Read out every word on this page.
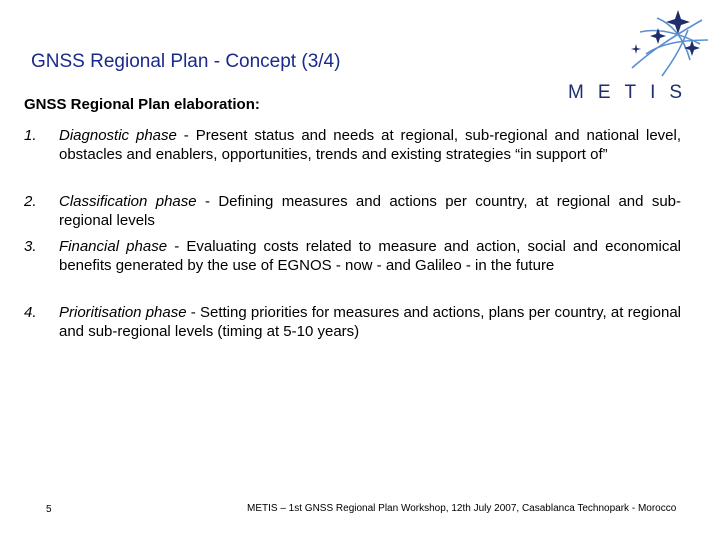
GNSS Regional Plan - Concept (3/4)
METIS
GNSS Regional Plan elaboration:
1. Diagnostic phase - Present status and needs at regional, sub-regional and national level, obstacles and enablers, opportunities, trends and existing strategies “in support of”
2. Classification phase - Defining measures and actions per country, at regional and sub-regional levels
3. Financial phase - Evaluating costs related to measure and action, social and economical benefits generated by the use of EGNOS - now - and Galileo - in the future
4. Prioritisation phase - Setting priorities for measures and actions, plans per country, at regional and sub-regional levels (timing at 5-10 years)
5	METIS – 1st GNSS Regional Plan Workshop, 12th July 2007, Casablanca Technopark - Morocco
